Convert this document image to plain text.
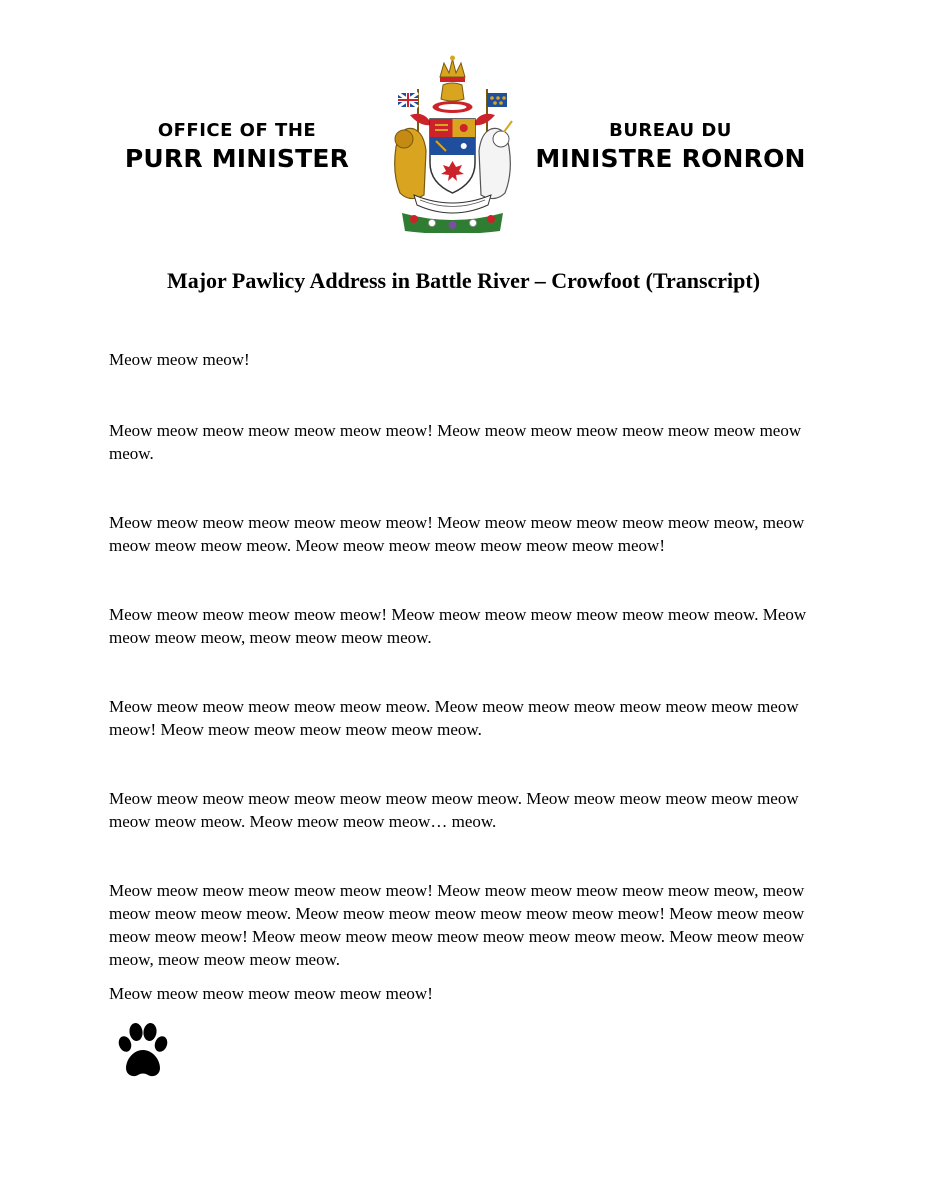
OFFICE OF THE
PURR MINISTER
BUREAU DU
MINISTRE RONRON
Major Pawlicy Address in Battle River – Crowfoot (Transcript)

Meow meow meow!

Meow meow meow meow meow meow meow! Meow meow meow meow meow meow meow meow meow.

Meow meow meow meow meow meow meow! Meow meow meow meow meow meow meow, meow meow meow meow meow. Meow meow meow meow meow meow meow meow!

Meow meow meow meow meow meow! Meow meow meow meow meow meow meow meow. Meow meow meow meow, meow meow meow meow.

Meow meow meow meow meow meow meow. Meow meow meow meow meow meow meow meow meow! Meow meow meow meow meow meow meow.

Meow meow meow meow meow meow meow meow meow. Meow meow meow meow meow meow meow meow meow. Meow meow meow meow… meow.

Meow meow meow meow meow meow meow! Meow meow meow meow meow meow meow, meow meow meow meow meow. Meow meow meow meow meow meow meow meow! Meow meow meow meow meow meow! Meow meow meow meow meow meow meow meow meow. Meow meow meow meow, meow meow meow meow.

Meow meow meow meow meow meow meow!
